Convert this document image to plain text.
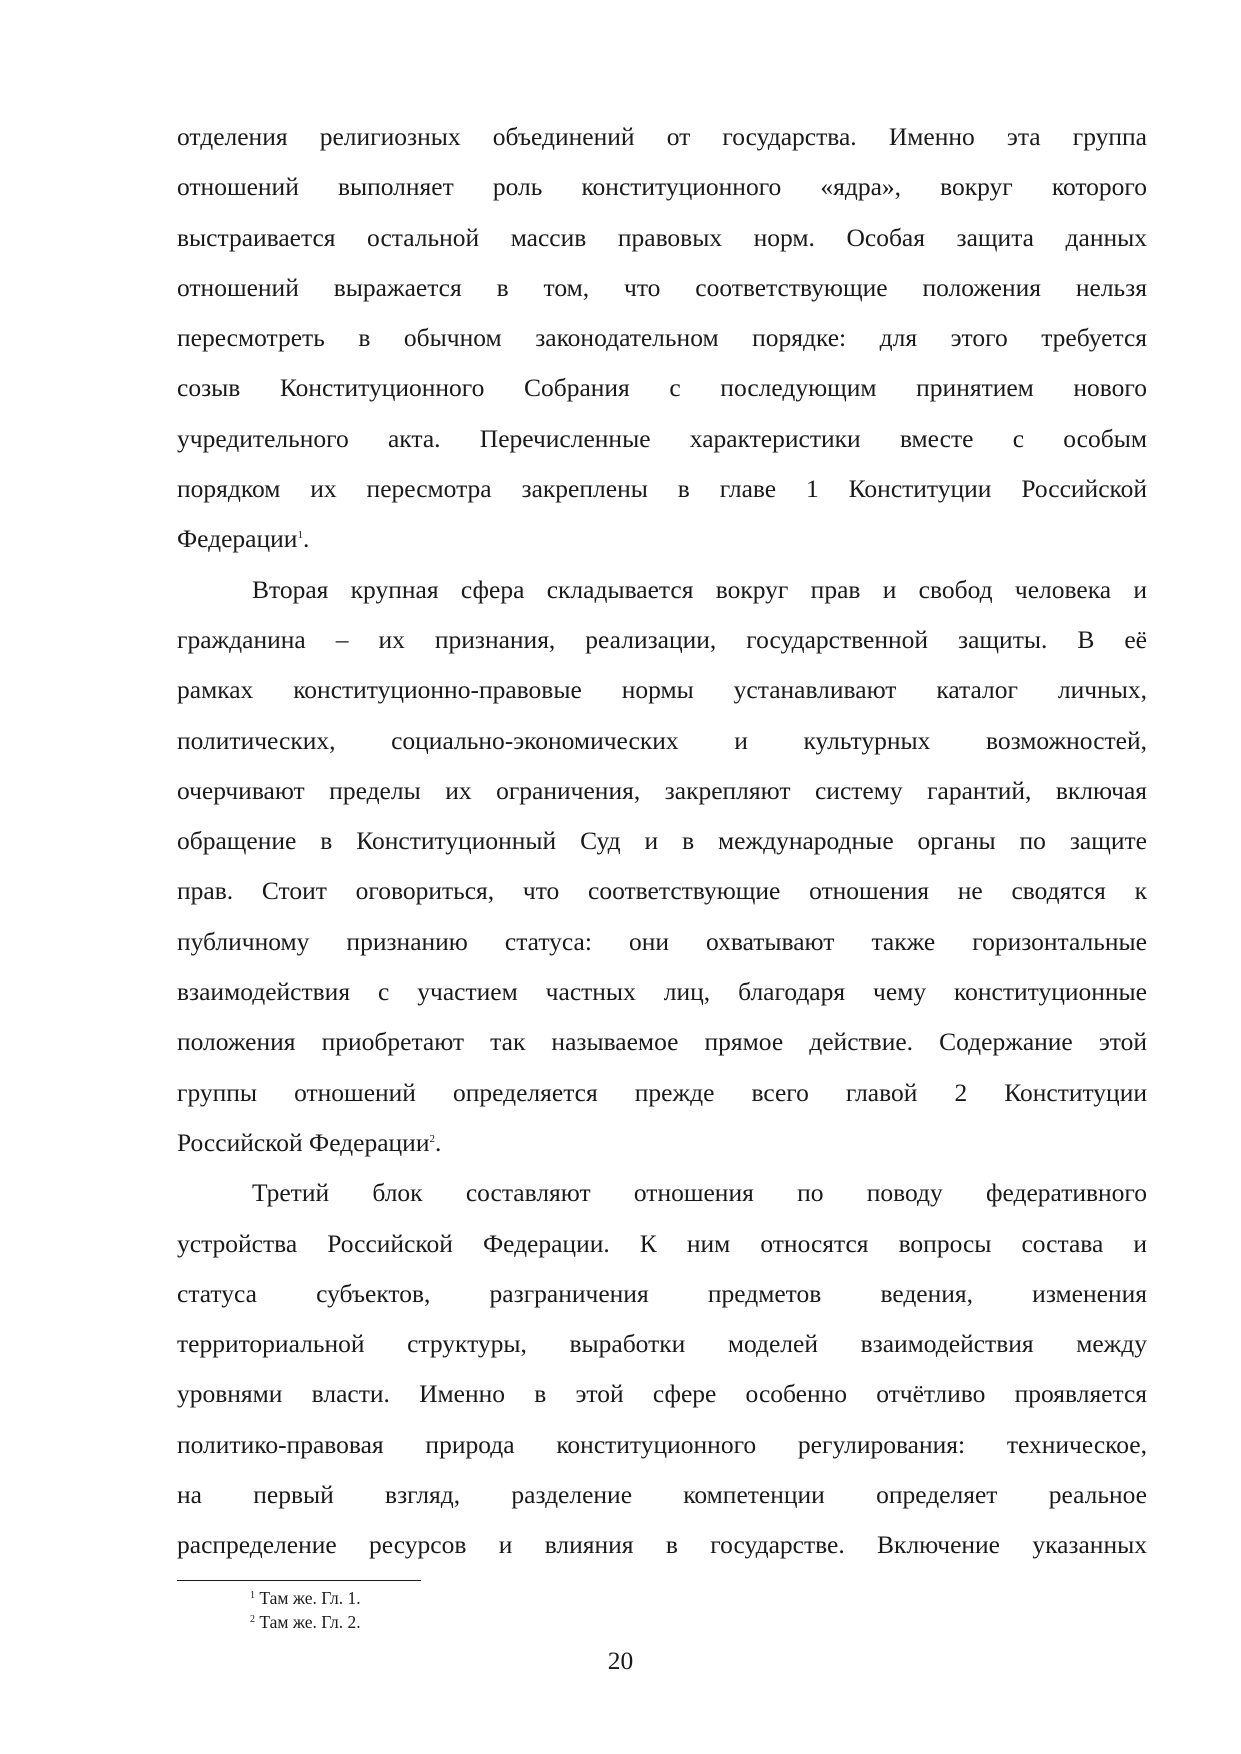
отделения религиозных объединений от государства. Именно эта группа
отношений выполняет роль конституционного «ядра», вокруг которого
выстраивается остальной массив правовых норм. Особая защита данных
отношений выражается в том, что соответствующие положения нельзя
пересмотреть в обычном законодательном порядке: для этого требуется
созыв Конституционного Собрания с последующим принятием нового
учредительного акта. Перечисленные характеристики вместе с особым
порядком их пересмотра закреплены в главе 1 Конституции Российской
Федерации$^1$.
Вторая крупная сфера складывается вокруг прав и свобод человека и
гражданина – их признания, реализации, государственной защиты. В её
рамках конституционно-правовые нормы устанавливают каталог личных,
политических, социально-экономических и культурных возможностей,
очерчивают пределы их ограничения, закрепляют систему гарантий, включая
обращение в Конституционный Суд и в международные органы по защите
прав. Стоит оговориться, что соответствующие отношения не сводятся к
публичному признанию статуса: они охватывают также горизонтальные
взаимодействия с участием частных лиц, благодаря чему конституционные
положения приобретают так называемое прямое действие. Содержание этой
группы отношений определяется прежде всего главой 2 Конституции
Российской Федерации$^2$.
Третий блок составляют отношения по поводу федеративного
устройства Российской Федерации. К ним относятся вопросы состава и
статуса субъектов, разграничения предметов ведения, изменения
территориальной структуры, выработки моделей взаимодействия между
уровнями власти. Именно в этой сфере особенно отчётливо проявляется
политико-правовая природа конституционного регулирования: техническое,
на первый взгляд, разделение компетенции определяет реальное
распределение ресурсов и влияния в государстве. Включение указанных
$^1$ Там же. Гл. 1.
$^2$ Там же. Гл. 2.
20
